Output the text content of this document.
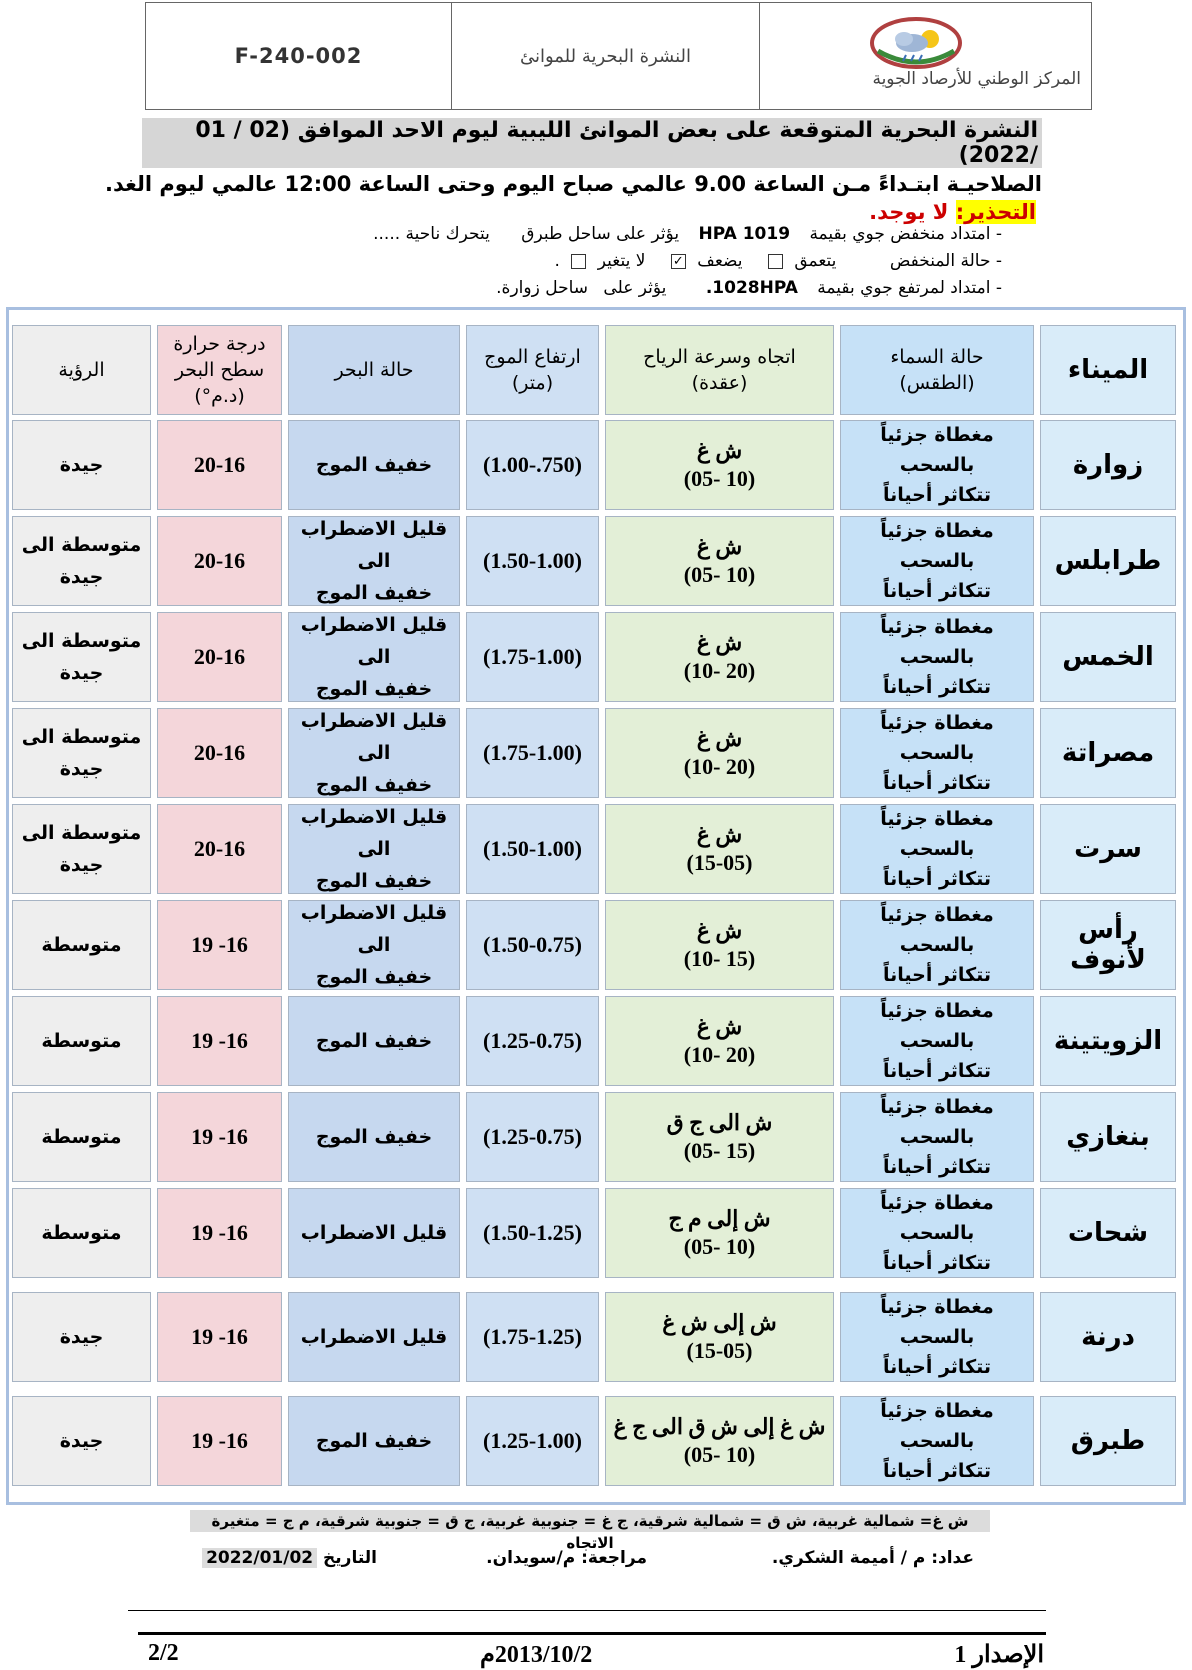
F-240-002	النشرة البحرية للموانئ
المركز الوطني للأرصاد الجوية
النشرة البحرية المتوقعة على بعض الموانئ الليبية ليوم الاحد الموافق (02 / 01 /2022)
الصلاحيـة ابتـداءً مـن الساعة 9.00 عالمي صباح اليوم وحتى الساعة 12:00 عالمي ليوم الغد.
التحذير: لا يوجد.
- امتداد منخفض جوي بقيمة 1019 HPA يؤثر على ساحل طبرق يتحرك ناحية .....
- حالة المنخفض يتعمق  يضعف ✓ لا يتغير  .
- امتداد لمرتفع جوي بقيمة 1028HPA. يؤثر على ساحل زوارة.
الميناء
حالة السماء
(الطقس)
اتجاه وسرعة الرياح
(عقدة)
ارتفاع الموج
(متر)
حالة البحر
درجة حرارة
سطح البحر
(د.م°)
الرؤية
زوارة
مغطاة جزئياً بالسحب
تتكاثر أحياناً
ش غ
(10 -05)
(1.00-.750)
خفيف الموج
20-16
جيدة
طرابلس
مغطاة جزئياً بالسحب
تتكاثر أحياناً
ش غ
(10 -05)
(1.50-1.00)
قليل الاضطراب الى
خفيف الموج
20-16
متوسطة الى
جيدة
الخمس
مغطاة جزئياً بالسحب
تتكاثر أحياناً
ش غ
(20 -10)
(1.75-1.00)
قليل الاضطراب الى
خفيف الموج
20-16
متوسطة الى
جيدة
مصراتة
مغطاة جزئياً بالسحب
تتكاثر أحياناً
ش غ
(20 -10)
(1.75-1.00)
قليل الاضطراب الى
خفيف الموج
20-16
متوسطة الى
جيدة
سرت
مغطاة جزئياً بالسحب
تتكاثر أحياناً
ش غ
(15-05)
(1.50-1.00)
قليل الاضطراب الى
خفيف الموج
20-16
متوسطة الى
جيدة
رأس لأنوف
مغطاة جزئياً بالسحب
تتكاثر أحياناً
ش غ
(15 -10)
(1.50-0.75)
قليل الاضطراب الى
خفيف الموج
19 -16
متوسطة
الزويتينة
مغطاة جزئياً بالسحب
تتكاثر أحياناً
ش غ
(20 -10)
(1.25-0.75)
خفيف الموج
19 -16
متوسطة
بنغازي
مغطاة جزئياً بالسحب
تتكاثر أحياناً
ش الى ج ق
(15 -05)
(1.25-0.75)
خفيف الموج
19 -16
متوسطة
شحات
مغطاة جزئياً بالسحب
تتكاثر أحياناً
ش إلى م ج
(10 -05)
(1.50-1.25)
قليل الاضطراب
19 -16
متوسطة
درنة
مغطاة جزئياً بالسحب
تتكاثر أحياناً
ش إلى ش غ
(15-05)
(1.75-1.25)
قليل الاضطراب
19 -16
جيدة
طبرق
مغطاة جزئياً بالسحب
تتكاثر أحياناً
ش غ إلى ش ق الى ج غ
(10 -05)
(1.25-1.00)
خفيف الموج
19 -16
جيدة
ش غ= شمالية غربية، ش ق = شمالية شرقية، ج غ = جنوبية غربية، ج ق = جنوبية شرقية، م ج = متغيرة الاتجاه
عداد: م / أميمة الشكري.
مراجعة: م/سويدان.
التاريخ 2022/01/02
الإصدار 1
2013/10/2م
2/2
